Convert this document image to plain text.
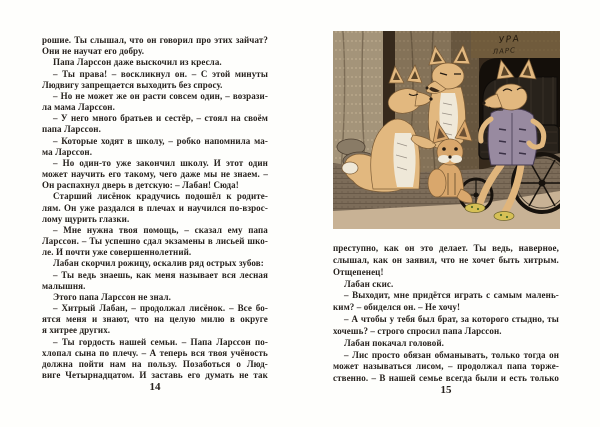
рошие. Ты слышал, что он говорил про этих зайчат?
Они не научат его добру.
Папа Ларссон даже выскочил из кресла.
– Ты права! – воскликнул он. – С этой минуты
Людвигу запрещается выходить без спросу.
– Но не может же он расти совсем один, – возрази-
ла мама Ларссон.
– У него много братьев и сестёр, – стоял на своём
папа Ларссон.
– Которые ходят в школу, – робко напомнила ма-
ма Ларссон.
– Но один-то уже закончил школу. И этот один
может научить его такому, чего даже мы не знаем. –
Он распахнул дверь в детскую: – Лабан! Сюда!
Старший лисёнок крадучись подошёл к родите-
лям. Он уже раздался в плечах и научился по-взрос-
лому щурить глазки.
– Мне нужна твоя помощь, – сказал ему папа
Ларссон. – Ты успешно сдал экзамены в лисьей шко-
ле. И почти уже совершеннолетний.
Лабан скорчил рожицу, оскалив ряд острых зубов:
– Ты ведь знаешь, как меня называет вся лесная
малышня.
Этого папа Ларссон не знал.
– Хитрый Лабан, – продолжал лисёнок. – Все бо-
ятся меня и знают, что на целую милю в округе
я хитрее других.
– Ты гордость нашей семьи. – Папа Ларссон по-
хлопал сына по плечу. – А теперь вся твоя учёность
должна пойти нам на пользу. Позаботься о Люд-
виге Четырнадцатом. И заставь его думать не так
14
УРА
ЛАРС
преступно, как он это делает. Ты ведь, наверное,
слышал, как он заявил, что не хочет быть хитрым.
Отщепенец!
Лабан скис.
– Выходит, мне придётся играть с самым малень-
ким? – обиделся он. – Не хочу!
– А чтобы у тебя был брат, за которого стыдно, ты
хочешь? – строго спросил папа Ларссон.
Лабан покачал головой.
– Лис просто обязан обманывать, только тогда он
может называться лисом, – продолжал папа торже-
ственно. – В нашей семье всегда были и есть только
15
